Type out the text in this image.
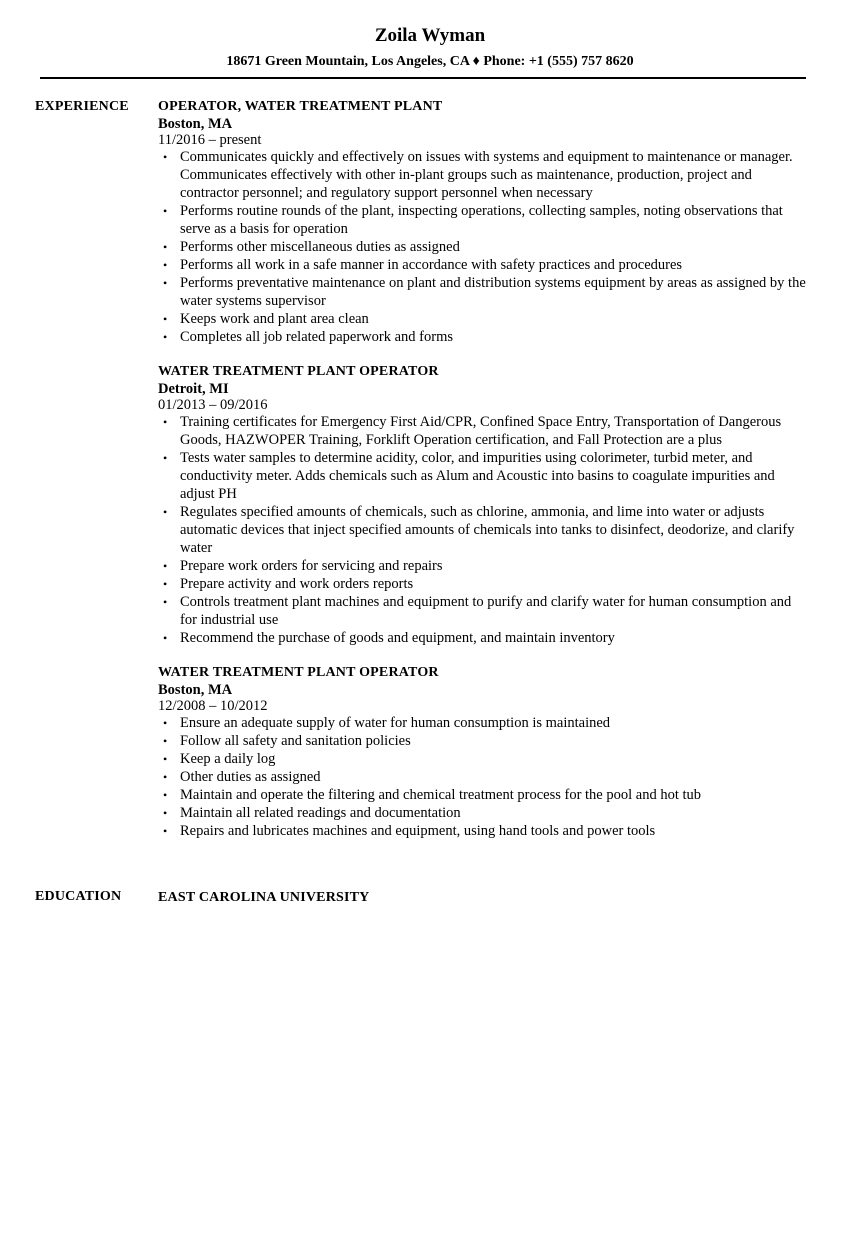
Zoila Wyman
18671 Green Mountain, Los Angeles, CA ♦ Phone: +1 (555) 757 8620
EXPERIENCE OPERATOR, WATER TREATMENT PLANT
Boston, MA
11/2016 – present
• Communicates quickly and effectively on issues with systems and equipment to maintenance or manager. Communicates effectively with other in-plant groups such as maintenance, production, project and contractor personnel; and regulatory support personnel when necessary
• Performs routine rounds of the plant, inspecting operations, collecting samples, noting observations that serve as a basis for operation
• Performs other miscellaneous duties as assigned
• Performs all work in a safe manner in accordance with safety practices and procedures
• Performs preventative maintenance on plant and distribution systems equipment by areas as assigned by the water systems supervisor
• Keeps work and plant area clean
• Completes all job related paperwork and forms
WATER TREATMENT PLANT OPERATOR
Detroit, MI
01/2013 – 09/2016
• Training certificates for Emergency First Aid/CPR, Confined Space Entry, Transportation of Dangerous Goods, HAZWOPER Training, Forklift Operation certification, and Fall Protection are a plus
• Tests water samples to determine acidity, color, and impurities using colorimeter, turbid meter, and conductivity meter. Adds chemicals such as Alum and Acoustic into basins to coagulate impurities and adjust PH
• Regulates specified amounts of chemicals, such as chlorine, ammonia, and lime into water or adjusts automatic devices that inject specified amounts of chemicals into tanks to disinfect, deodorize, and clarify water
• Prepare work orders for servicing and repairs
• Prepare activity and work orders reports
• Controls treatment plant machines and equipment to purify and clarify water for human consumption and for industrial use
• Recommend the purchase of goods and equipment, and maintain inventory
WATER TREATMENT PLANT OPERATOR
Boston, MA
12/2008 – 10/2012
• Ensure an adequate supply of water for human consumption is maintained
• Follow all safety and sanitation policies
• Keep a daily log
• Other duties as assigned
• Maintain and operate the filtering and chemical treatment process for the pool and hot tub
• Maintain all related readings and documentation
• Repairs and lubricates machines and equipment, using hand tools and power tools
EDUCATION	EAST CAROLINA UNIVERSITY
